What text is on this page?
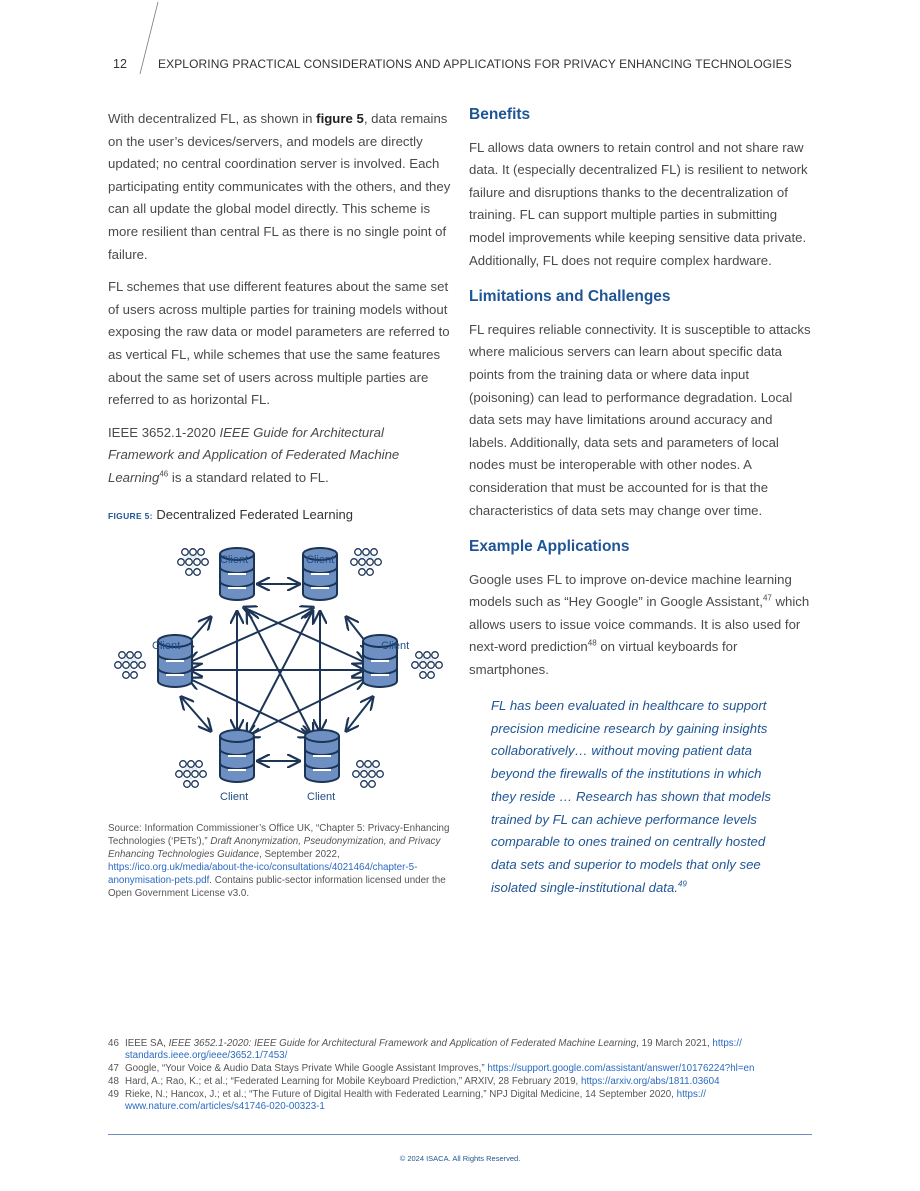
12	EXPLORING PRACTICAL CONSIDERATIONS AND APPLICATIONS FOR PRIVACY ENHANCING TECHNOLOGIES

With decentralized FL, as shown in figure 5, data remains on the user’s devices/servers, and models are directly updated; no central coordination server is involved. Each participating entity communicates with the others, and they can all update the global model directly. This scheme is more resilient than central FL as there is no single point of failure.

FL schemes that use different features about the same set of users across multiple parties for training models without exposing the raw data or model parameters are referred to as vertical FL, while schemes that use the same features about the same set of users across multiple parties are referred to as horizontal FL.

IEEE 3652.1-2020 IEEE Guide for Architectural Framework and Application of Federated Machine Learning$^{46}$ is a standard related to FL.

FIGURE 5: Decentralized Federated Learning
Client	Client
Client	Client
Client	Client
Source: Information Commissioner’s Office UK, “Chapter 5: Privacy-Enhancing Technologies (‘PETs’),” Draft Anonymization, Pseudonymization, and Privacy Enhancing Technologies Guidance, September 2022, https://ico.org.uk/media/about-the-ico/consultations/4021464/chapter-5-anonymisation-pets.pdf. Contains public-sector information licensed under the Open Government License v3.0.
Benefits

FL allows data owners to retain control and not share raw data. It (especially decentralized FL) is resilient to network failure and disruptions thanks to the decentralization of training. FL can support multiple parties in submitting model improvements while keeping sensitive data private. Additionally, FL does not require complex hardware.

Limitations and Challenges

FL requires reliable connectivity. It is susceptible to attacks where malicious servers can learn about specific data points from the training data or where data input (poisoning) can lead to performance degradation. Local data sets may have limitations around accuracy and labels. Additionally, data sets and parameters of local nodes must be interoperable with other nodes. A consideration that must be accounted for is that the characteristics of data sets may change over time.

Example Applications

Google uses FL to improve on-device machine learning models such as “Hey Google” in Google Assistant,$^{47}$ which allows users to issue voice commands. It is also used for next-word prediction$^{48}$ on virtual keyboards for smartphones.

FL has been evaluated in healthcare to support precision medicine research by gaining insights collaboratively… without moving patient data beyond the firewalls of the institutions in which they reside … Research has shown that models trained by FL can achieve performance levels comparable to ones trained on centrally hosted data sets and superior to models that only see isolated single-institutional data.$^{49}$
46 IEEE SA, IEEE 3652.1-2020: IEEE Guide for Architectural Framework and Application of Federated Machine Learning, 19 March 2021, https://
standards.ieee.org/ieee/3652.1/7453/
47 Google, “Your Voice & Audio Data Stays Private While Google Assistant Improves,” https://support.google.com/assistant/answer/10176224?hl=en
48 Hard, A.; Rao, K.; et al.; “Federated Learning for Mobile Keyboard Prediction,” ARXIV, 28 February 2019, https://arxiv.org/abs/1811.03604
49 Rieke, N.; Hancox, J.; et al.; “The Future of Digital Health with Federated Learning,” NPJ Digital Medicine, 14 September 2020, https://
www.nature.com/articles/s41746-020-00323-1
© 2024 ISACA. All Rights Reserved.
